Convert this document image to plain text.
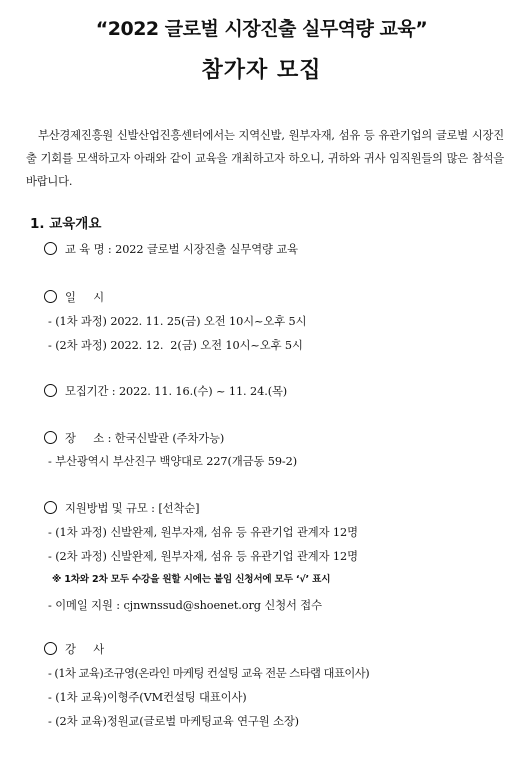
“2022 글로벌 시장진출 실무역량 교육”
참가자 모집
부산경제진흥원 신발산업진흥센터에서는 지역신발, 원부자재, 섬유 등 유관기업의 글로벌 시장진출 기회를 모색하고자 아래와 같이 교육을 개최하고자 하오니, 귀하와 귀사 임직원들의 많은 참석을 바랍니다.
1. 교육개요
교 육 명 : 2022 글로벌 시장진출 실무역량 교육
일     시
- (1차 과정) 2022. 11. 25(금) 오전 10시~오후 5시
- (2차 과정) 2022. 12.  2(금) 오전 10시~오후 5시
모집기간 : 2022. 11. 16.(수) ~ 11. 24.(목)
장     소 : 한국신발관 (주차가능)
- 부산광역시 부산진구 백양대로 227(개금동 59-2)
지원방법 및 규모 : [선착순]
- (1차 과정) 신발완제, 원부자재, 섬유 등 유관기업 관계자 12명
- (2차 과정) 신발완제, 원부자재, 섬유 등 유관기업 관계자 12명
※ 1차와 2차 모두 수강을 원할 시에는 붙임 신청서에 모두 ‘√’ 표시
- 이메일 지원 : cjnwnssud@shoenet.org 신청서 접수
강     사
- (1차 교육)조규영(온라인 마케팅 컨설팅 교육 전문 스타랩 대표이사)
- (1차 교육)이형주(VM컨설팅 대표이사)
- (2차 교육)정원교(글로벌 마케팅교육 연구원 소장)
